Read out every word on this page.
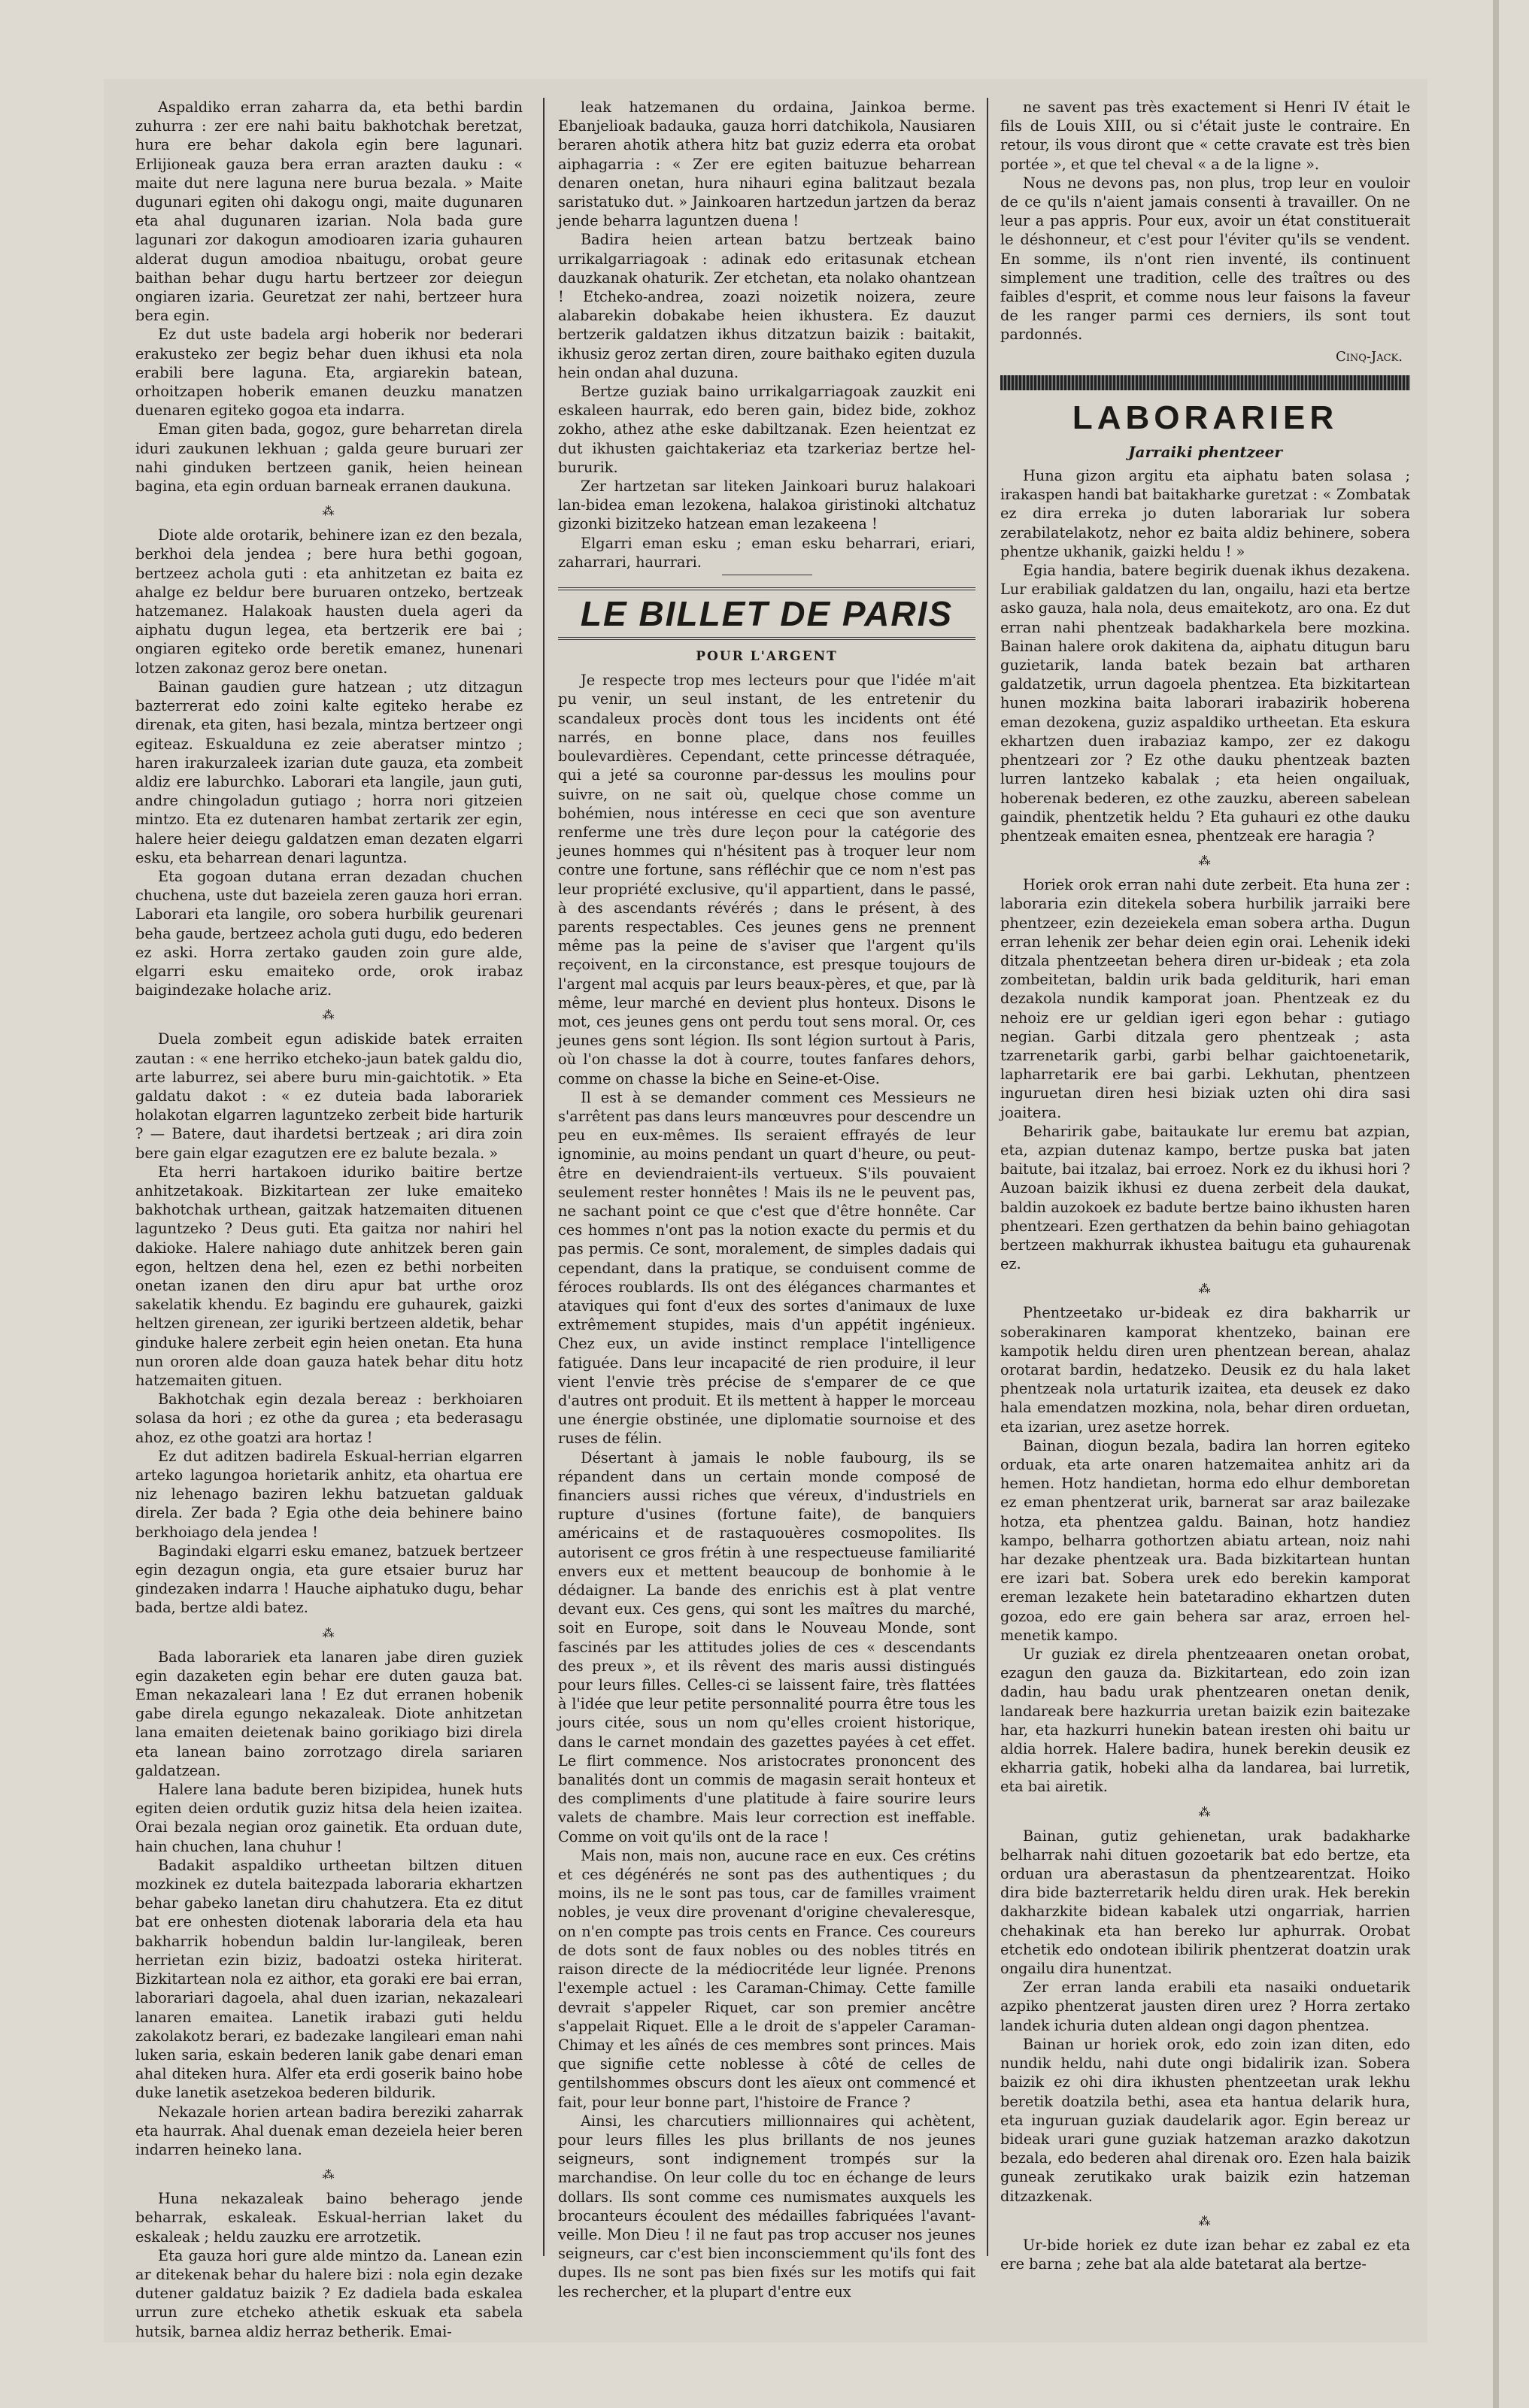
Aspaldiko erran zaharra da, eta bethi bardin zuhurra : zer ere nahi baitu bakhotchak beretzat, hura ere behar dakola egin bere lagunari. Erlijioneak gauza bera erran arazten dauku : « maite dut nere laguna nere burua bezala. » Maite dugunari egiten ohi dakogu ongi, maite dugunaren eta ahal dugunaren izarian. Nola bada gure lagunari zor dakogun amodioaren izaria guhauren alderat dugun amodioa nbaitugu, orobat geure baithan behar dugu hartu bertzeer zor deiegun ongiaren izaria. Geuretzat zer nahi, bertzeer hura bera egin.

Ez dut uste badela argi hoberik nor bederari erakusteko zer begiz behar duen ikhusi eta nola erabili bere laguna. Eta, argiarekin batean, orhoitzapen hoberik emanen deuzku manatzen duenaren egiteko gogoa eta indarra.

Eman giten bada, gogoz, gure beharretan direla iduri zaukunen lekhuan ; galda geure buruari zer nahi ginduken bertzeen ganik, heien heinean bagina, eta egin orduan barneak erranen daukuna.

⁂

Diote alde orotarik, behinere izan ez den bezala, berkhoi dela jendea ; bere hura bethi gogoan, bertzeez achola guti : eta anhitzetan ez baita ez ahalge ez beldur bere buruaren ontzeko, bertzeak hatzemanez. Halakoak hausten duela ageri da aiphatu dugun legea, eta bertzerik ere bai ; ongiaren egiteko orde beretik emanez, hunenari lotzen zakonaz geroz bere onetan.

Bainan gaudien gure hatzean ; utz ditzagun bazterrerat edo zoini kalte egiteko herabe ez direnak, eta giten, hasi bezala, mintza bertzeer ongi egiteaz. Eskualduna ez zeie aberatser mintzo ; haren irakurzaleek izarian dute gauza, eta zombeit aldiz ere laburchko. Laborari eta langile, jaun guti, andre chingoladun gutiago ; horra nori gitzeien mintzo. Eta ez dutenaren hambat zertarik zer egin, halere heier deiegu galdatzen eman dezaten elgarri esku, eta beharrean denari laguntza.

Eta gogoan dutana erran dezadan chuchen chuchena, uste dut bazeiela zeren gauza hori erran. Laborari eta langile, oro sobera hurbilik geurenari beha gaude, bertzeez achola guti dugu, edo bederen ez aski. Horra zertako gauden zoin gure alde, elgarri esku emaiteko orde, orok irabaz baigindezake holache ariz.

⁂

Duela zombeit egun adiskide batek erraiten zautan : « ene herriko etcheko-jaun batek galdu dio, arte laburrez, sei abere buru min-gaichtotik. » Eta galdatu dakot : « ez duteia bada laborariek holakotan elgarren laguntzeko zerbeit bide harturik ? — Batere, daut ihardetsi bertzeak ; ari dira zoin bere gain elgar ezagutzen ere ez balute bezala. »

Eta herri hartakoen iduriko baitire bertze anhitzetakoak. Bizkitartean zer luke emaiteko bakhotchak urthean, gaitzak hatzemaiten dituenen laguntzeko ? Deus guti. Eta gaitza nor nahiri hel dakioke. Halere nahiago dute anhitzek beren gain egon, heltzen dena hel, ezen ez bethi norbeiten onetan izanen den diru apur bat urthe oroz sakelatik khendu. Ez bagindu ere guhaurek, gaizki heltzen girenean, zer iguriki bertzeen aldetik, behar ginduke halere zerbeit egin heien onetan. Eta huna nun ororen alde doan gauza hatek behar ditu hotz hatzemaiten gituen.

Bakhotchak egin dezala bereaz : berkhoiaren solasa da hori ; ez othe da gurea ; eta bederasagu ahoz, ez othe goatzi ara hortaz !

Ez dut aditzen badirela Eskual-herrian elgarren arteko lagungoa horietarik anhitz, eta ohartua ere niz lehenago baziren lekhu batzuetan galduak direla. Zer bada ? Egia othe deia behinere baino berkhoiago dela jendea !

Bagindaki elgarri esku emanez, batzuek bertzeer egin dezagun ongia, eta gure etsaier buruz har gindezaken indarra ! Hauche aiphatuko dugu, behar bada, bertze aldi batez.

⁂

Bada laborariek eta lanaren jabe diren guziek egin dazaketen egin behar ere duten gauza bat. Eman nekazaleari lana ! Ez dut erranen hobenik gabe direla egungo nekazaleak. Diote anhitzetan lana emaiten deietenak baino gorikiago bizi direla eta lanean baino zorrotzago direla sariaren galdatzean.

Halere lana badute beren bizipidea, hunek huts egiten deien ordutik guziz hitsa dela heien izaitea. Orai bezala negian oroz gainetik. Eta orduan dute, hain chuchen, lana chuhur !

Badakit aspaldiko urtheetan biltzen dituen mozkinek ez dutela baitezpada laboraria ekhartzen behar gabeko lanetan diru chahutzera. Eta ez ditut bat ere onhesten diotenak laboraria dela eta hau bakharrik hobendun baldin lur-langileak, beren herrietan ezin biziz, badoatzi osteka hiriterat. Bizkitartean nola ez aithor, eta goraki ere bai erran, laborariari dagoela, ahal duen izarian, nekazaleari lanaren emaitea. Lanetik irabazi guti heldu zakolakotz berari, ez badezake langileari eman nahi luken saria, eskain bederen lanik gabe denari eman ahal diteken hura. Alfer eta erdi goserik baino hobe duke lanetik asetzekoa bederen bildurik.

Nekazale horien artean badira bereziki zaharrak eta haurrak. Ahal duenak eman dezeiela heier beren indarren heineko lana.

⁂

Huna nekazaleak baino beherago jende beharrak, eskaleak. Eskual-herrian laket du eskaleak ; heldu zauzku ere arrotzetik.

Eta gauza hori gure alde mintzo da. Lanean ezin ar ditekenak behar du halere bizi : nola egin dezake dutener galdatuz baizik ? Ez dadiela bada eskalea urrun zure etcheko athetik eskuak eta sabela hutsik, barnea aldiz herraz betherik. Emai-

leak hatzemanen du ordaina, Jainkoa berme. Ebanjelioak badauka, gauza horri datchikola, Nausiaren beraren ahotik athera hitz bat guziz ederra eta orobat aiphagarria : « Zer ere egiten baituzue beharrean denaren onetan, hura nihauri egina balitzaut bezala saristatuko dut. » Jainkoaren hartzedun jartzen da beraz jende beharra laguntzen duena !

Badira heien artean batzu bertzeak baino urrikalgarriagoak : adinak edo eritasunak etchean dauzkanak ohaturik. Zer etchetan, eta nolako ohantzean ! Etcheko-andrea, zoazi noizetik noizera, zeure alabarekin dobakabe heien ikhustera. Ez dauzut bertzerik galdatzen ikhus ditzatzun baizik : baitakit, ikhusiz geroz zertan diren, zoure baithako egiten duzula hein ondan ahal duzuna.

Bertze guziak baino urrikalgarriagoak zauzkit eni eskaleen haurrak, edo beren gain, bidez bide, zokhoz zokho, athez athe eske dabiltzanak. Ezen heientzat ez dut ikhusten gaichtakeriaz eta tzarkeriaz bertze hel-bururik.

Zer hartzetan sar liteken Jainkoari buruz halakoari lan-bidea eman lezokena, halakoa giristinoki altchatuz gizonki bizitzeko hatzean eman lezakeena !

Elgarri eman esku ; eman esku beharrari, eriari, zaharrari, haurrari.

LE BILLET DE PARIS
POUR L'ARGENT

Je respecte trop mes lecteurs pour que l'idée m'ait pu venir, un seul instant, de les entretenir du scandaleux procès dont tous les incidents ont été narrés, en bonne place, dans nos feuilles boulevardières. Cependant, cette princesse détraquée, qui a jeté sa couronne par-dessus les moulins pour suivre, on ne sait où, quelque chose comme un bohémien, nous intéresse en ceci que son aventure renferme une très dure leçon pour la catégorie des jeunes hommes qui n'hésitent pas à troquer leur nom contre une fortune, sans réfléchir que ce nom n'est pas leur propriété exclusive, qu'il appartient, dans le passé, à des ascendants révérés ; dans le présent, à des parents respectables. Ces jeunes gens ne prennent même pas la peine de s'aviser que l'argent qu'ils reçoivent, en la circonstance, est presque toujours de l'argent mal acquis par leurs beaux-pères, et que, par là même, leur marché en devient plus honteux. Disons le mot, ces jeunes gens ont perdu tout sens moral. Or, ces jeunes gens sont légion. Ils sont légion surtout à Paris, où l'on chasse la dot à courre, toutes fanfares dehors, comme on chasse la biche en Seine-et-Oise.

Il est à se demander comment ces Messieurs ne s'arrêtent pas dans leurs manœuvres pour descendre un peu en eux-mêmes. Ils seraient effrayés de leur ignominie, au moins pendant un quart d'heure, ou peut-être en deviendraient-ils vertueux. S'ils pouvaient seulement rester honnêtes ! Mais ils ne le peuvent pas, ne sachant point ce que c'est que d'être honnête. Car ces hommes n'ont pas la notion exacte du permis et du pas permis. Ce sont, moralement, de simples dadais qui cependant, dans la pratique, se conduisent comme de féroces roublards. Ils ont des élégances charmantes et ataviques qui font d'eux des sortes d'animaux de luxe extrêmement stupides, mais d'un appétit ingénieux. Chez eux, un avide instinct remplace l'intelligence fatiguée. Dans leur incapacité de rien produire, il leur vient l'envie très précise de s'emparer de ce que d'autres ont produit. Et ils mettent à happer le morceau une énergie obstinée, une diplomatie sournoise et des ruses de félin.

Désertant à jamais le noble faubourg, ils se répandent dans un certain monde composé de financiers aussi riches que véreux, d'industriels en rupture d'usines (fortune faite), de banquiers américains et de rastaquouères cosmopolites. Ils autorisent ce gros frétin à une respectueuse familiarité envers eux et mettent beaucoup de bonhomie à le dédaigner. La bande des enrichis est à plat ventre devant eux. Ces gens, qui sont les maîtres du marché, soit en Europe, soit dans le Nouveau Monde, sont fascinés par les attitudes jolies de ces « descendants des preux », et ils rêvent des maris aussi distingués pour leurs filles. Celles-ci se laissent faire, très flattées à l'idée que leur petite personnalité pourra être tous les jours citée, sous un nom qu'elles croient historique, dans le carnet mondain des gazettes payées à cet effet. Le flirt commence. Nos aristocrates prononcent des banalités dont un commis de magasin serait honteux et des compliments d'une platitude à faire sourire leurs valets de chambre. Mais leur correction est ineffable. Comme on voit qu'ils ont de la race !

Mais non, mais non, aucune race en eux. Ces crétins et ces dégénérés ne sont pas des authentiques ; du moins, ils ne le sont pas tous, car de familles vraiment nobles, je veux dire provenant d'origine chevaleresque, on n'en compte pas trois cents en France. Ces coureurs de dots sont de faux nobles ou des nobles titrés en raison directe de la médiocritéde leur lignée. Prenons l'exemple actuel : les Caraman-Chimay. Cette famille devrait s'appeler Riquet, car son premier ancêtre s'appelait Riquet. Elle a le droit de s'appeler Caraman-Chimay et les aînés de ces membres sont princes. Mais que signifie cette noblesse à côté de celles de gentilshommes obscurs dont les aïeux ont commencé et fait, pour leur bonne part, l'histoire de France ?

Ainsi, les charcutiers millionnaires qui achètent, pour leurs filles les plus brillants de nos jeunes seigneurs, sont indignement trompés sur la marchandise. On leur colle du toc en échange de leurs dollars. Ils sont comme ces numismates auxquels les brocanteurs écoulent des médailles fabriquées l'avant-veille. Mon Dieu ! il ne faut pas trop accuser nos jeunes seigneurs, car c'est bien inconsciemment qu'ils font des dupes. Ils ne sont pas bien fixés sur les motifs qui fait les rechercher, et la plupart d'entre eux

ne savent pas très exactement si Henri IV était le fils de Louis XIII, ou si c'était juste le contraire. En retour, ils vous diront que « cette cravate est très bien portée », et que tel cheval « a de la ligne ».

Nous ne devons pas, non plus, trop leur en vouloir de ce qu'ils n'aient jamais consenti à travailler. On ne leur a pas appris. Pour eux, avoir un état constituerait le déshonneur, et c'est pour l'éviter qu'ils se vendent. En somme, ils n'ont rien inventé, ils continuent simplement une tradition, celle des traîtres ou des faibles d'esprit, et comme nous leur faisons la faveur de les ranger parmi ces derniers, ils sont tout pardonnés.

Cinq-Jack.
LABORARIER
Jarraiki phentzeer

Huna gizon argitu eta aiphatu baten solasa ; irakaspen handi bat baitakharke guretzat : « Zombatak ez dira erreka jo duten laborariak lur sobera zerabilatelakotz, nehor ez baita aldiz behinere, sobera phentze ukhanik, gaizki heldu ! »

Egia handia, batere begirik duenak ikhus dezakena. Lur erabiliak galdatzen du lan, ongailu, hazi eta bertze asko gauza, hala nola, deus emaitekotz, aro ona. Ez dut erran nahi phentzeak badakharkela bere mozkina. Bainan halere orok dakitena da, aiphatu ditugun baru guzietarik, landa batek bezain bat artharen galdatzetik, urrun dagoela phentzea. Eta bizkitartean hunen mozkina baita laborari irabazirik hoberena eman dezokena, guziz aspaldiko urtheetan. Eta eskura ekhartzen duen irabaziaz kampo, zer ez dakogu phentzeari zor ? Ez othe dauku phentzeak bazten lurren lantzeko kabalak ; eta heien ongailuak, hoberenak bederen, ez othe zauzku, abereen sabelean gaindik, phentzetik heldu ? Eta guhauri ez othe dauku phentzeak emaiten esnea, phentzeak ere haragia ?

⁂

Horiek orok erran nahi dute zerbeit. Eta huna zer : laboraria ezin ditekela sobera hurbilik jarraiki bere phentzeer, ezin dezeiekela eman sobera artha. Dugun erran lehenik zer behar deien egin orai. Lehenik ideki ditzala phentzeetan behera diren ur-bideak ; eta zola zombeitetan, baldin urik bada gelditurik, hari eman dezakola nundik kamporat joan. Phentzeak ez du nehoiz ere ur geldian igeri egon behar : gutiago negian. Garbi ditzala gero phentzeak ; asta tzarrenetarik garbi, garbi belhar gaichtoenetarik, lapharretarik ere bai garbi. Lekhutan, phentzeen inguruetan diren hesi biziak uzten ohi dira sasi joaitera.

Beharirik gabe, baitaukate lur eremu bat azpian, eta, azpian dutenaz kampo, bertze puska bat jaten baitute, bai itzalaz, bai erroez. Nork ez du ikhusi hori ? Auzoan baizik ikhusi ez duena zerbeit dela daukat, baldin auzokoek ez badute bertze baino ikhusten haren phentzeari. Ezen gerthatzen da behin baino gehiagotan bertzeen makhurrak ikhustea baitugu eta guhaurenak ez.

⁂

Phentzeetako ur-bideak ez dira bakharrik ur soberakinaren kamporat khentzeko, bainan ere kampotik heldu diren uren phentzean berean, ahalaz orotarat bardin, hedatzeko. Deusik ez du hala laket phentzeak nola urtaturik izaitea, eta deusek ez dako hala emendatzen mozkina, nola, behar diren orduetan, eta izarian, urez asetze horrek.

Bainan, diogun bezala, badira lan horren egiteko orduak, eta arte onaren hatzemaitea anhitz ari da hemen. Hotz handietan, horma edo elhur demboretan ez eman phentzerat urik, barnerat sar araz bailezake hotza, eta phentzea galdu. Bainan, hotz handiez kampo, belharra gothortzen abiatu artean, noiz nahi har dezake phentzeak ura. Bada bizkitartean huntan ere izari bat. Sobera urek edo berekin kamporat ereman lezakete hein batetaradino ekhartzen duten gozoa, edo ere gain behera sar araz, erroen hel-menetik kampo.

Ur guziak ez direla phentzeaaren onetan orobat, ezagun den gauza da. Bizkitartean, edo zoin izan dadin, hau badu urak phentzearen onetan denik, landareak bere hazkurria uretan baizik ezin baitezake har, eta hazkurri hunekin batean iresten ohi baitu ur aldia horrek. Halere badira, hunek berekin deusik ez ekharria gatik, hobeki alha da landarea, bai lurretik, eta bai airetik.

⁂

Bainan, gutiz gehienetan, urak badakharke belharrak nahi dituen gozoetarik bat edo bertze, eta orduan ura aberastasun da phentzearentzat. Hoiko dira bide bazterretarik heldu diren urak. Hek berekin dakharzkite bidean kabalek utzi ongarriak, harrien chehakinak eta han bereko lur aphurrak. Orobat etchetik edo ondotean ibilirik phentzerat doatzin urak ongailu dira hunentzat.

Zer erran landa erabili eta nasaiki onduetarik azpiko phentzerat jausten diren urez ? Horra zertako landek ichuria duten aldean ongi dagon phentzea.

Bainan ur horiek orok, edo zoin izan diten, edo nundik heldu, nahi dute ongi bidalirik izan. Sobera baizik ez ohi dira ikhusten phentzeetan urak lekhu beretik doatzila bethi, asea eta hantua delarik hura, eta inguruan guziak daudelarik agor. Egin bereaz ur bideak urari gune guziak hatzeman arazko dakotzun bezala, edo bederen ahal direnak oro. Ezen hala baizik guneak zerutikako urak baizik ezin hatzeman ditzazkenak.

⁂

Ur-bide horiek ez dute izan behar ez zabal ez eta ere barna ; zehe bat ala alde batetarat ala bertze-
